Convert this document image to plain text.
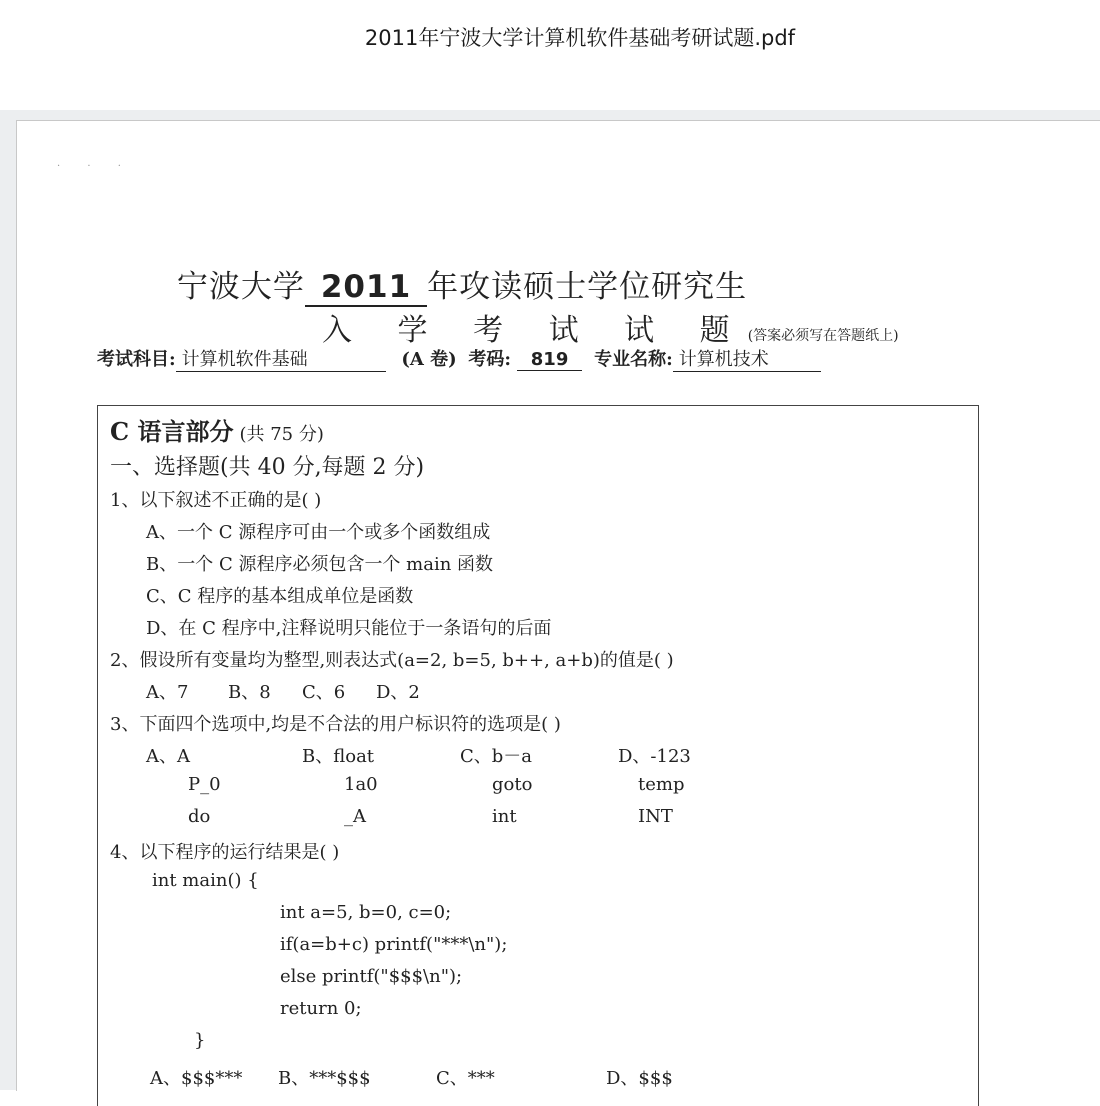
2011年宁波大学计算机软件基础考研试题.pdf
· · ·
宁波大学 2011 年攻读硕士学位研究生
入 学 考 试 试 题(答案必须写在答题纸上)
考试科目: 计算机软件基础	(A 卷) 考码: 819 专业名称: 计算机技术
C 语言部分 (共 75 分)
一、选择题(共 40 分,每题 2 分)
1、以下叙述不正确的是( )
A、一个 C 源程序可由一个或多个函数组成
B、一个 C 源程序必须包含一个 main 函数
C、C 程序的基本组成单位是函数
D、在 C 程序中,注释说明只能位于一条语句的后面
2、假设所有变量均为整型,则表达式(a=2, b=5, b++, a+b)的值是( )
A、7 B、8 C、6 D、2
3、下面四个选项中,均是不合法的用户标识符的选项是( )
A、A	B、float	C、b－a	D、-123
P_0	1a0	goto	temp
do	_A	int	INT
4、以下程序的运行结果是( )
int main() {
int a=5, b=0, c=0;
if(a=b+c) printf("***\n");
else printf("$$$\n");
return 0;
}
A、$$$*** B、***$$$	C、***	D、$$$
